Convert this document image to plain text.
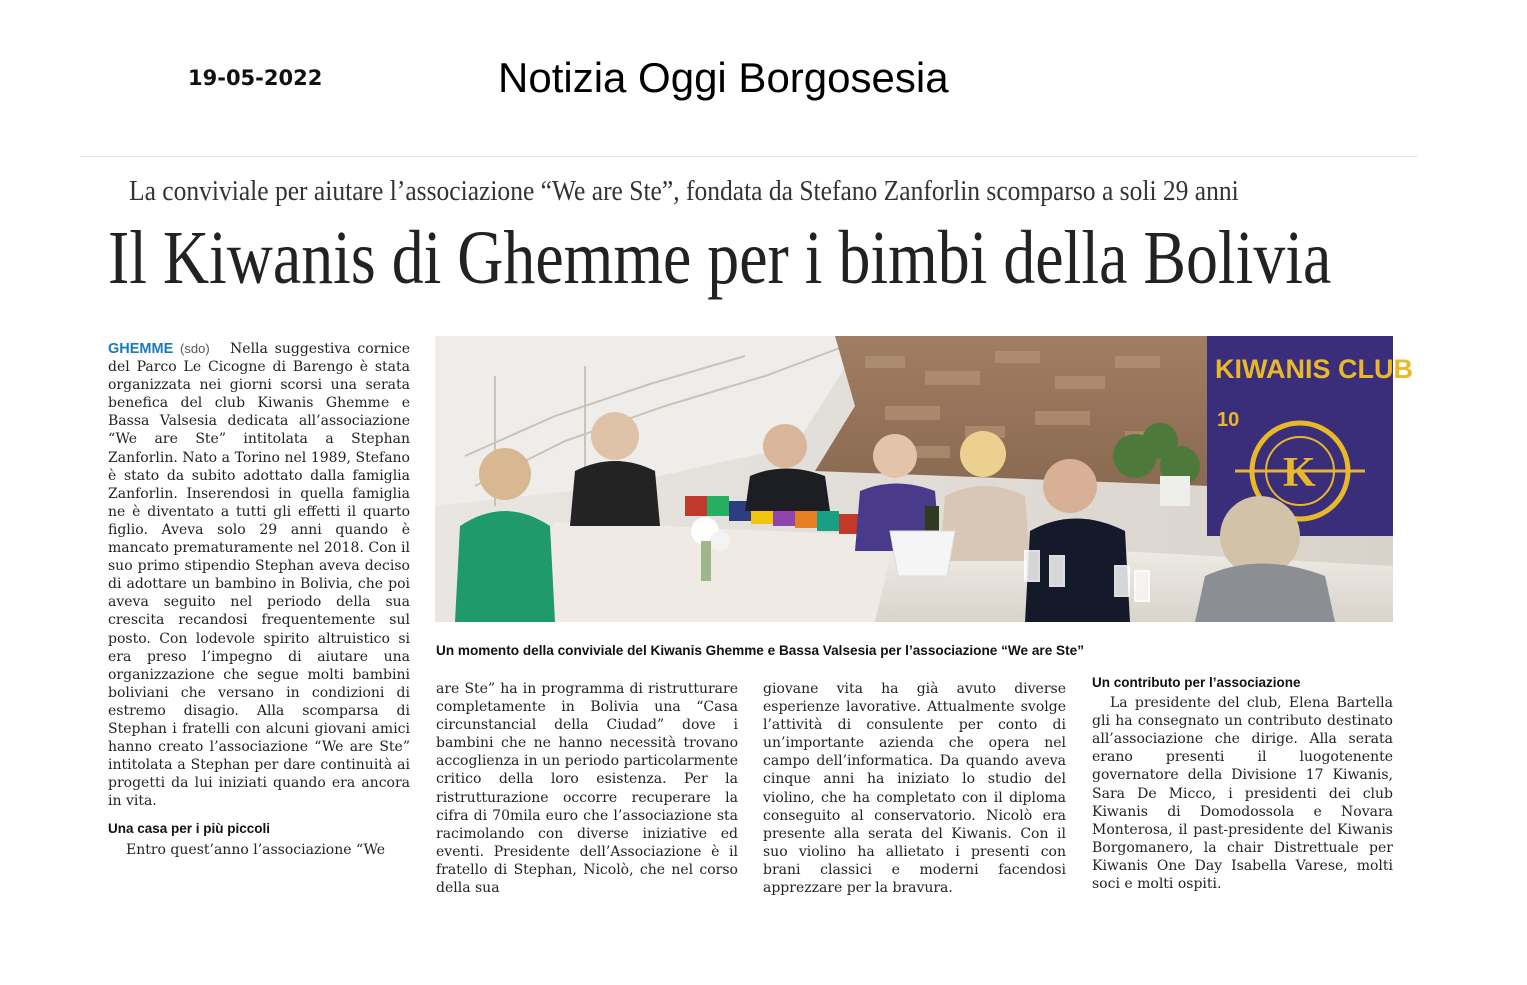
19-05-2022	Notizia Oggi Borgosesia
La conviviale per aiutare l’associazione “We are Ste”, fondata da Stefano Zanforlin scomparso a soli 29 anni
Il Kiwanis di Ghemme per i bimbi della Bolivia

GHEMME (sdo) Nella suggestiva cornice del Parco Le Cicogne di Barengo è stata organizzata nei giorni scorsi una serata benefica del club Kiwanis Ghemme e Bassa Valsesia dedicata all’associazione “We are Ste” intitolata a Stephan Zanforlin. Nato a Torino nel 1989, Stefano è stato da subito adottato dalla famiglia Zanforlin. Inserendosi in quella famiglia ne è diventato a tutti gli effetti il quarto figlio. Aveva solo 29 anni quando è mancato prematuramente nel 2018. Con il suo primo stipendio Stephan aveva deciso di adottare un bambino in Bolivia, che poi aveva seguito nel periodo della sua crescita recandosi frequentemente sul posto. Con lodevole spirito altruistico si era preso l’impegno di aiutare una organizzazione che segue molti bambini boliviani che versano in condizioni di estremo disagio. Alla scomparsa di Stephan i fratelli con alcuni giovani amici hanno creato l’associazione “We are Ste” intitolata a Stephan per dare continuità ai progetti da lui iniziati quando era ancora in vita.

Una casa per i più piccoli

Entro quest’anno l’associazione “We

KIWANIS CLUB
10
K
Un momento della conviviale del Kiwanis Ghemme e Bassa Valsesia per l’associazione “We are Ste”

are Ste” ha in programma di ristrutturare completamente in Bolivia una “Casa circunstancial della Ciudad” dove i bambini che ne hanno necessità trovano accoglienza in un periodo particolarmente critico della loro esistenza. Per la ristrutturazione occorre recuperare la cifra di 70mila euro che l’associazione sta racimolando con diverse iniziative ed eventi. Presidente dell’Associazione è il fratello di Stephan, Nicolò, che nel corso della sua

giovane vita ha già avuto diverse esperienze lavorative. Attualmente svolge l’attività di consulente per conto di un’importante azienda che opera nel campo dell’informatica. Da quando aveva cinque anni ha iniziato lo studio del violino, che ha completato con il diploma conseguito al conservatorio. Nicolò era presente alla serata del Kiwanis. Con il suo violino ha allietato i presenti con brani classici e moderni facendosi apprezzare per la bravura.

Un contributo per l’associazione

La presidente del club, Elena Bartella gli ha consegnato un contributo destinato all’associazione che dirige. Alla serata erano presenti il luogotenente governatore della Divisione 17 Kiwanis, Sara De Micco, i presidenti dei club Kiwanis di Domodossola e Novara Monterosa, il past-presidente del Kiwanis Borgomanero, la chair Distrettuale per Kiwanis One Day Isabella Varese, molti soci e molti ospiti.
